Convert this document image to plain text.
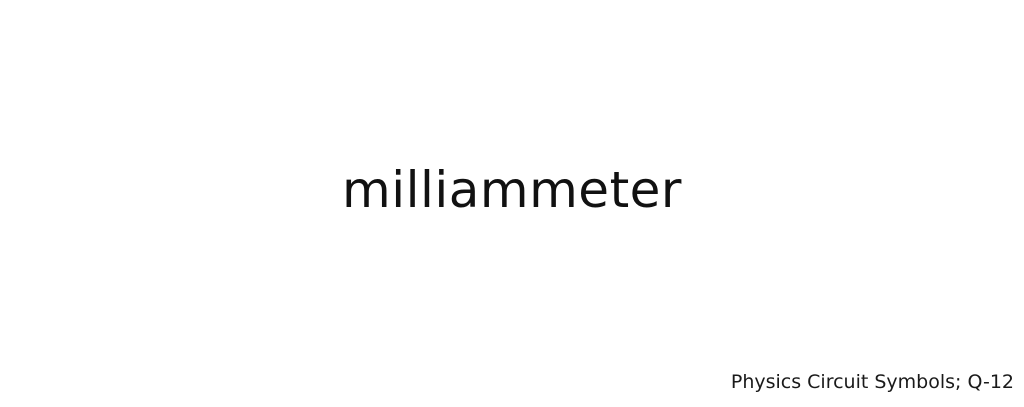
milliammeter
Physics Circuit Symbols; Q-12
